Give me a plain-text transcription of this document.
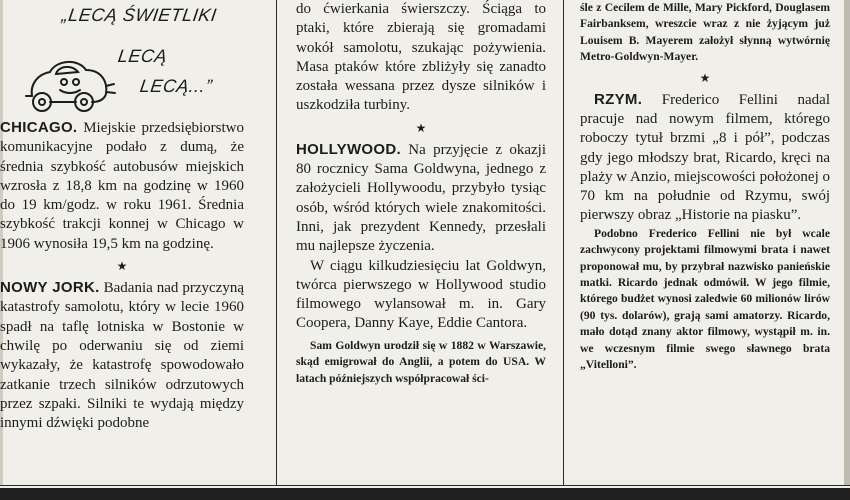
„LECĄ ŚWIETLIKI
LECĄ
LECĄ...”

CHICAGO. Miejskie przedsiębiorstwo komunikacyjne podało z dumą, że średnia szybkość autobusów miejskich wzrosła z 18,8 km na godzinę w 1960 do 19 km/godz. w roku 1961. Średnia szybkość trakcji konnej w Chicago w 1906 wynosiła 19,5 km na godzinę.

★

NOWY JORK. Badania nad przyczyną katastrofy samolotu, który w lecie 1960 spadł na taflę lotniska w Bostonie w chwilę po oderwaniu się od ziemi wykazały, że katastrofę spowodowało zatkanie trzech silników odrzutowych przez szpaki. Silniki te wydają między innymi dźwięki podobne

do ćwierkania świerszczy. Ściąga to ptaki, które zbierają się gromadami wokół samolotu, szukając pożywienia. Masa ptaków które zbliżyły się zanadto została wessana przez dysze silników i uszkodziła turbiny.

★

HOLLYWOOD. Na przyjęcie z okazji 80 rocznicy Sama Goldwyna, jednego z założycieli Hollywoodu, przybyło tysiąc osób, wśród których wiele znakomitości. Inni, jak prezydent Kennedy, przesłali mu najlepsze życzenia.

W ciągu kilkudziesięciu lat Goldwyn, twórca pierwszego w Hollywood studio filmowego wylansował m. in. Gary Coopera, Danny Kaye, Eddie Cantora.

Sam Goldwyn urodził się w 1882 w Warszawie, skąd emigrował do Anglii, a potem do USA. W latach późniejszych współpracował ści-

śle z Cecilem de Mille, Mary Pickford, Douglasem Fairbanksem, wreszcie wraz z nie żyjącym już Louisem B. Mayerem założył słynną wytwórnię Metro-Goldwyn-Mayer.

★

RZYM. Frederico Fellini nadal pracuje nad nowym filmem, którego roboczy tytuł brzmi „8 i pół”, podczas gdy jego młodszy brat, Ricardo, kręci na plaży w Anzio, miejscowości położonej o 70 km na południe od Rzymu, swój pierwszy obraz „Historie na piasku”.

Podobno Frederico Fellini nie był wcale zachwycony projektami filmowymi brata i nawet proponował mu, by przybrał nazwisko panieńskie matki. Ricardo jednak odmówił. W jego filmie, którego budżet wynosi zaledwie 60 milionów lirów (90 tys. dolarów), grają sami amatorzy. Ricardo, mało dotąd znany aktor filmowy, wystąpił m. in. we wczesnym filmie swego sławnego brata „Vitelloni”.
